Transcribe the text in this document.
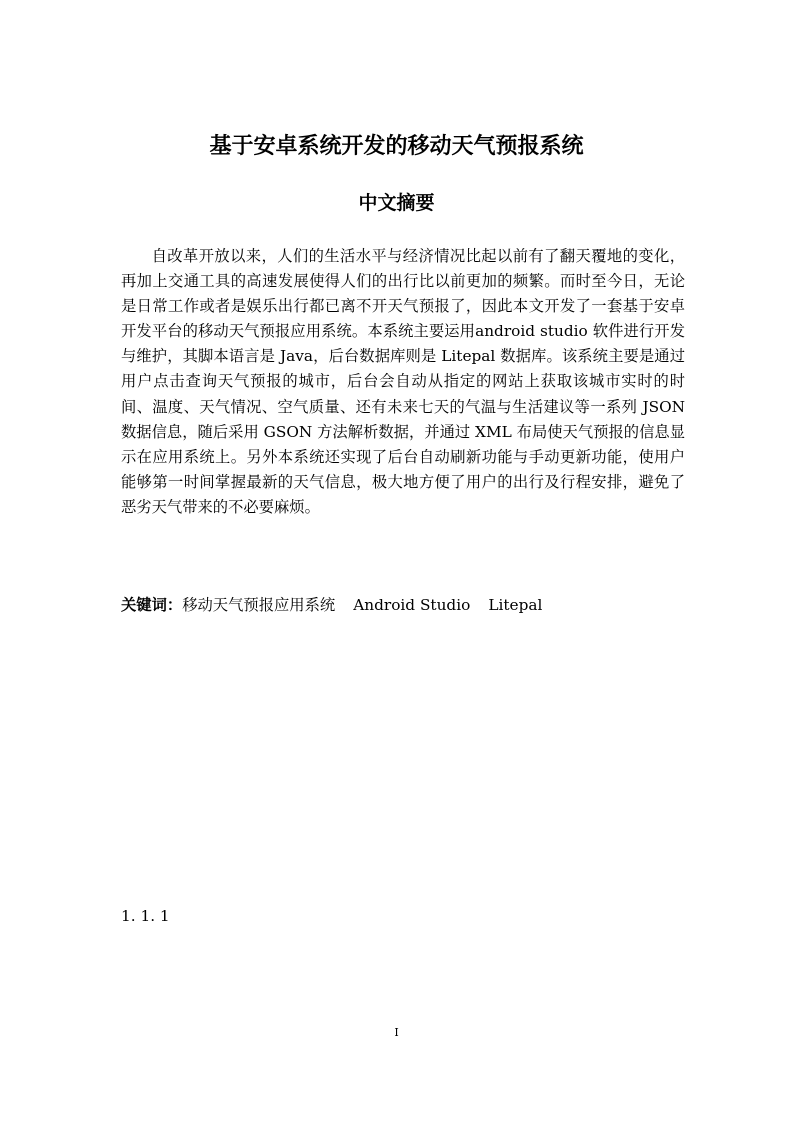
基于安卓系统开发的移动天气预报系统
中文摘要

自改革开放以来，人们的生活水平与经济情况比起以前有了翻天覆地的变化，再加上交通工具的高速发展使得人们的出行比以前更加的频繁。而时至今日，无论是日常工作或者是娱乐出行都已离不开天气预报了，因此本文开发了一套基于安卓开发平台的移动天气预报应用系统。本系统主要运用android studio 软件进行开发与维护，其脚本语言是 Java，后台数据库则是 Litepal 数据库。该系统主要是通过用户点击查询天气预报的城市，后台会自动从指定的网站上获取该城市实时的时间、温度、天气情况、空气质量、还有未来七天的气温与生活建议等一系列 JSON 数据信息，随后采用 GSON 方法解析数据，并通过 XML 布局使天气预报的信息显示在应用系统上。另外本系统还实现了后台自动刷新功能与手动更新功能，使用户能够第一时间掌握最新的天气信息，极大地方便了用户的出行及行程安排，避免了恶劣天气带来的不必要麻烦。

关键词：移动天气预报应用系统 Android Studio Litepal
1. 1. 1
I
